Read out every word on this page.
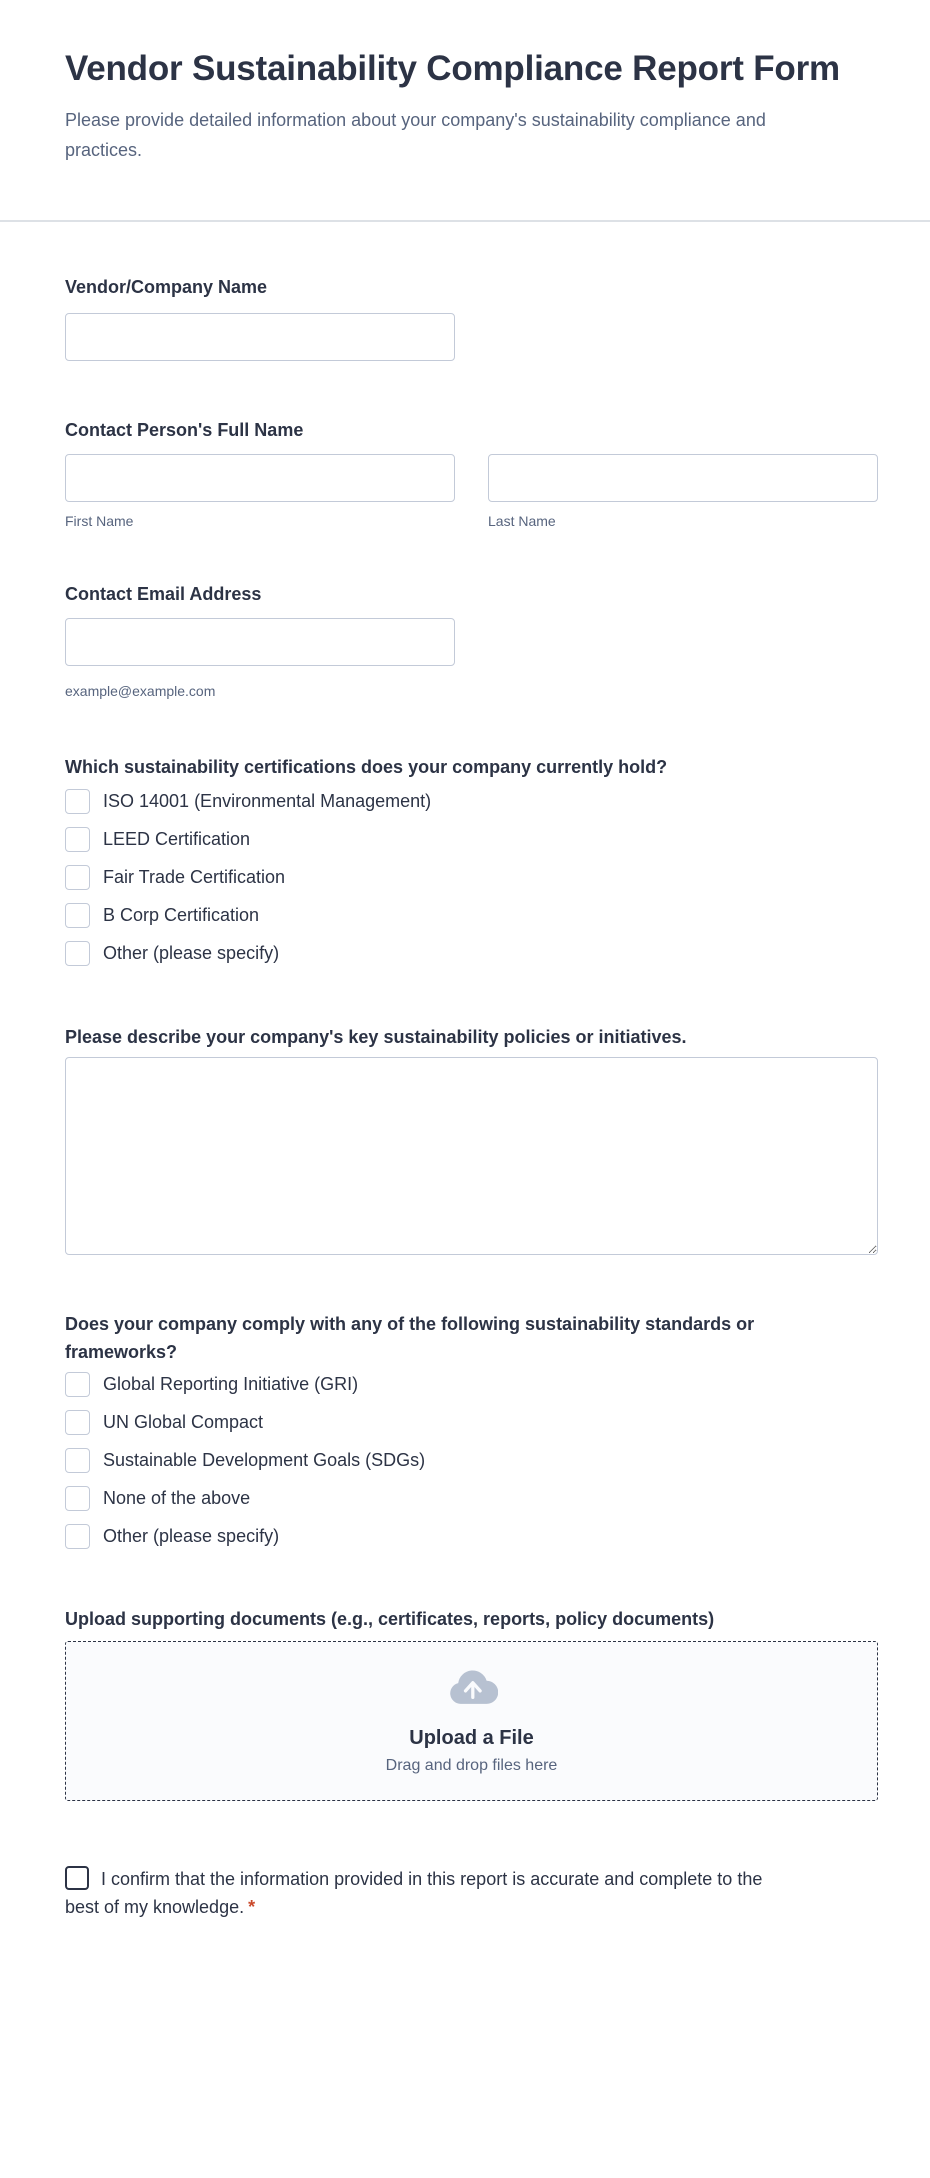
Vendor Sustainability Compliance Report Form

Please provide detailed information about your company's sustainability compliance and practices.

Vendor/Company Name
Contact Person's Full Name
First Name	Last Name
Contact Email Address
example@example.com
Which sustainability certifications does your company currently hold?
ISO 14001 (Environmental Management)
LEED Certification
Fair Trade Certification
B Corp Certification
Other (please specify)
Please describe your company's key sustainability policies or initiatives.
Does your company comply with any of the following sustainability standards or frameworks?
Global Reporting Initiative (GRI)
UN Global Compact
Sustainable Development Goals (SDGs)
None of the above
Other (please specify)
Upload supporting documents (e.g., certificates, reports, policy documents)
Upload a File
Drag and drop files here
I confirm that the information provided in this report is accurate and complete to the best of my knowledge. *
